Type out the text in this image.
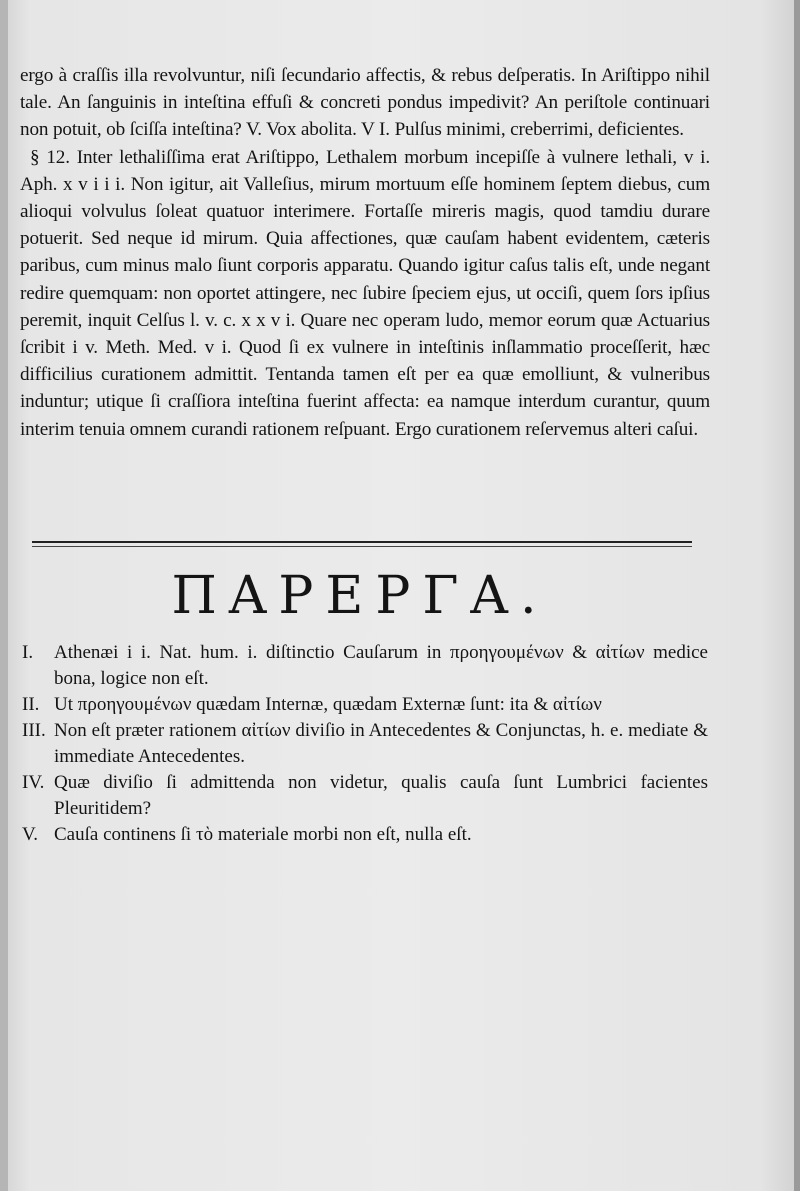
ergo à craſſis illa revolvuntur, niſi ſecundario affectis, & rebus deſperatis. In Ariſtippo nihil tale. An ſanguinis in inteſtina effuſi & concreti pondus impedivit? An periſtole continuari non potuit, ob ſciſſa inteſtina? V. Vox abolita. V I. Pulſus minimi, creberrimi, deficientes.

§ 12. Inter lethaliſſima erat Ariſtippo, Lethalem morbum incepiſſe à vulnere lethali, v i. Aph. x v i i i. Non igitur, ait Valleſius, mirum mortuum eſſe hominem ſeptem diebus, cum alioqui volvulus ſoleat quatuor interimere. Fortaſſe mireris magis, quod tamdiu durare potuerit. Sed neque id mirum. Quia affectiones, quæ cauſam habent evidentem, cæteris paribus, cum minus malo ſiunt corporis apparatu. Quando igitur caſus talis eſt, unde negant redire quemquam: non oportet attingere, nec ſubire ſpeciem ejus, ut occiſi, quem ſors ipſius peremit, inquit Celſus l. v. c. x x v i. Quare nec operam ludo, memor eorum quæ Actuarius ſcribit i v. Meth. Med. v i. Quod ſi ex vulnere in inteſtinis inſlammatio proceſſerit, hæc difficilius curationem admittit. Tentanda tamen eſt per ea quæ emolliunt, & vulneribus induntur; utique ſi craſſiora inteſtina fuerint affecta: ea namque interdum curantur, quum interim tenuia omnem curandi rationem reſpuant. Ergo curationem reſervemus alteri caſui.

ΠΑΡΕΡΓΑ.
I.	Athenæi i i. Nat. hum. i. diſtinctio Cauſarum in προηγουμένων & αἰτίων medice bona, logice non eſt.
II. Ut προηγουμένων quædam Internæ, quædam Externæ ſunt: ita & αἰτίων
III. Non eſt præter rationem αἰτίων diviſio in Antecedentes & Conjunctas, h. e. mediate & immediate Antecedentes.
IV. Quæ diviſio ſi admittenda non videtur, qualis cauſa ſunt Lumbrici facientes Pleuritidem?
V. Cauſa continens ſi τὸ materiale morbi non eſt, nulla eſt.
